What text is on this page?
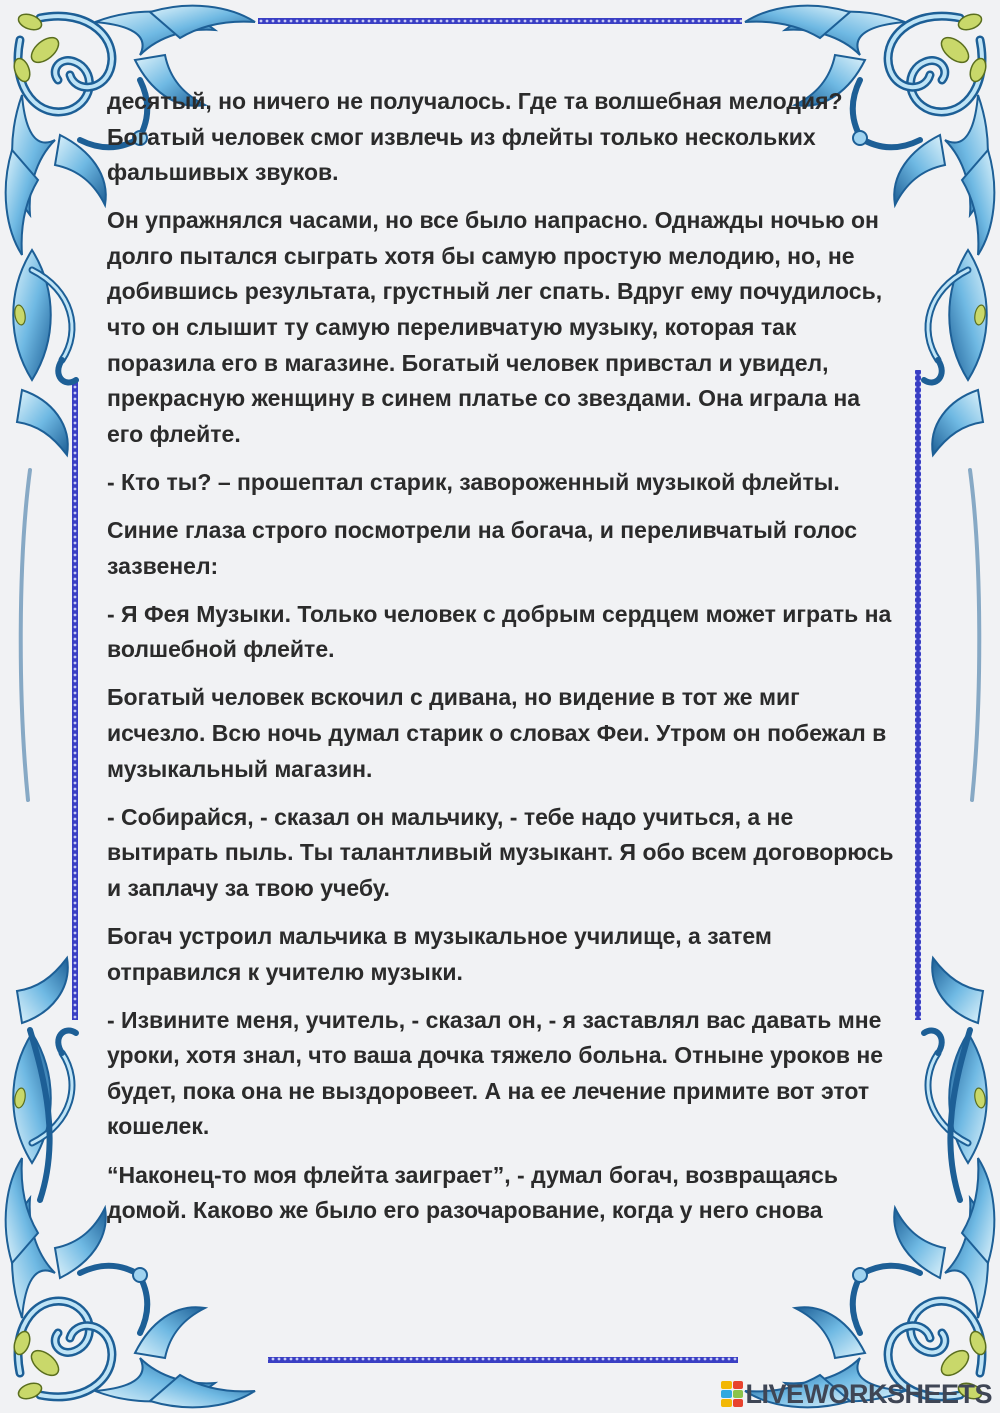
десятый, но ничего не получалось. Где та волшебная мелодия? Богатый человек смог извлечь из флейты только нескольких фальшивых звуков.

Он упражнялся часами, но все было напрасно. Однажды ночью он долго пытался сыграть хотя бы самую простую мелодию, но, не добившись результата, грустный лег спать. Вдруг ему почудилось, что он слышит ту самую переливчатую музыку, которая так поразила его в магазине. Богатый человек привстал и увидел, прекрасную женщину в синем платье со звездами. Она играла на его флейте.

- Кто ты? – прошептал старик, завороженный музыкой флейты.

Синие глаза строго посмотрели на богача, и переливчатый голос зазвенел:

- Я Фея Музыки. Только человек с добрым сердцем может играть на волшебной флейте.

Богатый человек вскочил с дивана, но видение в тот же миг исчезло. Всю ночь думал старик о словах Феи. Утром он побежал в музыкальный магазин.

- Собирайся, - сказал он мальчику, - тебе надо учиться, а не вытирать пыль. Ты талантливый музыкант. Я обо всем договорюсь и заплачу за твою учебу.

Богач устроил мальчика в музыкальное училище, а затем отправился к учителю музыки.

- Извините меня, учитель, - сказал он, - я заставлял вас давать мне уроки, хотя знал, что ваша дочка тяжело больна. Отныне уроков не будет, пока она не выздоровеет. А на ее лечение примите вот этот кошелек.

“Наконец-то моя флейта заиграет”, - думал богач, возвращаясь домой. Каково же было его разочарование, когда у него снова

LIVEWORKSHEETS
